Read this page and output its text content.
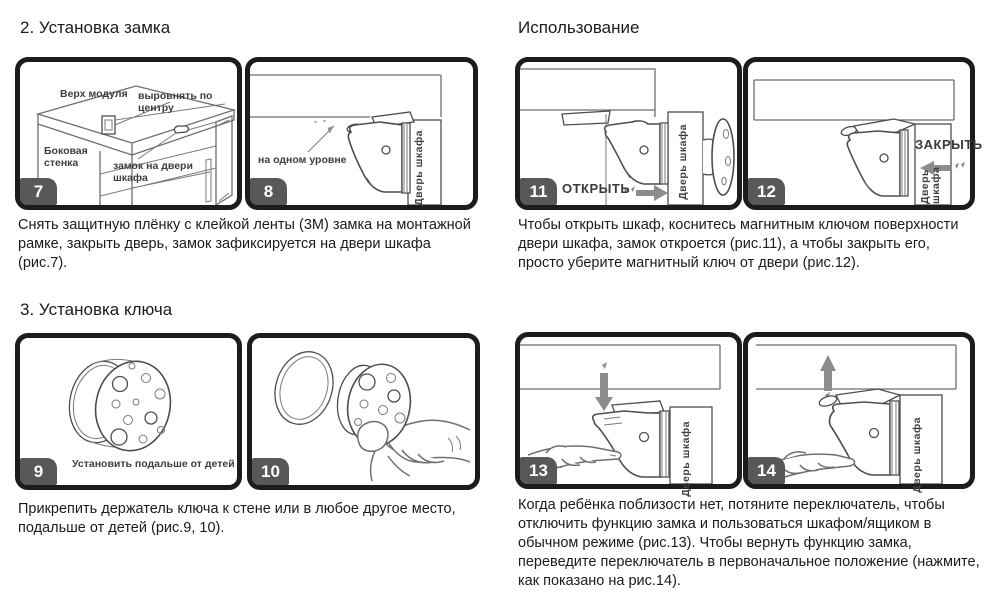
2. Установка замка
Верх модуля выровнять по центру
Боковая стенка	замок на двери шкафа
7
на одном уровне	Дверь шкафа
8
Снять защитную плёнку с клейкой ленты (3М) замка на монтажной рамке, закрыть дверь, замок зафиксируется на двери шкафа (рис.7).
Использование
ОТКРЫТЬ	Дверь шкафа
11
ЗАКРЫТЬ
Дверь шкафа
12
Чтобы открыть шкаф, коснитесь магнитным ключом поверхности двери шкафа, замок откроется (рис.11), а чтобы закрыть его, просто уберите магнитный ключ от двери (рис.12).
3. Установка ключа
Установить подальше от детей
9	10
Прикрепить держатель ключа к стене или в любое другое место, подальше от детей (рис.9, 10).
Дверь шкафа
13	Дверь шкафа
14
Когда ребёнка поблизости нет, потяните переключатель, чтобы отключить функцию замка и пользоваться шкафом/ящиком в обычном режиме (рис.13). Чтобы вернуть функцию замка, переведите переключатель в первоначальное положение (нажмите, как показано на рис.14).
